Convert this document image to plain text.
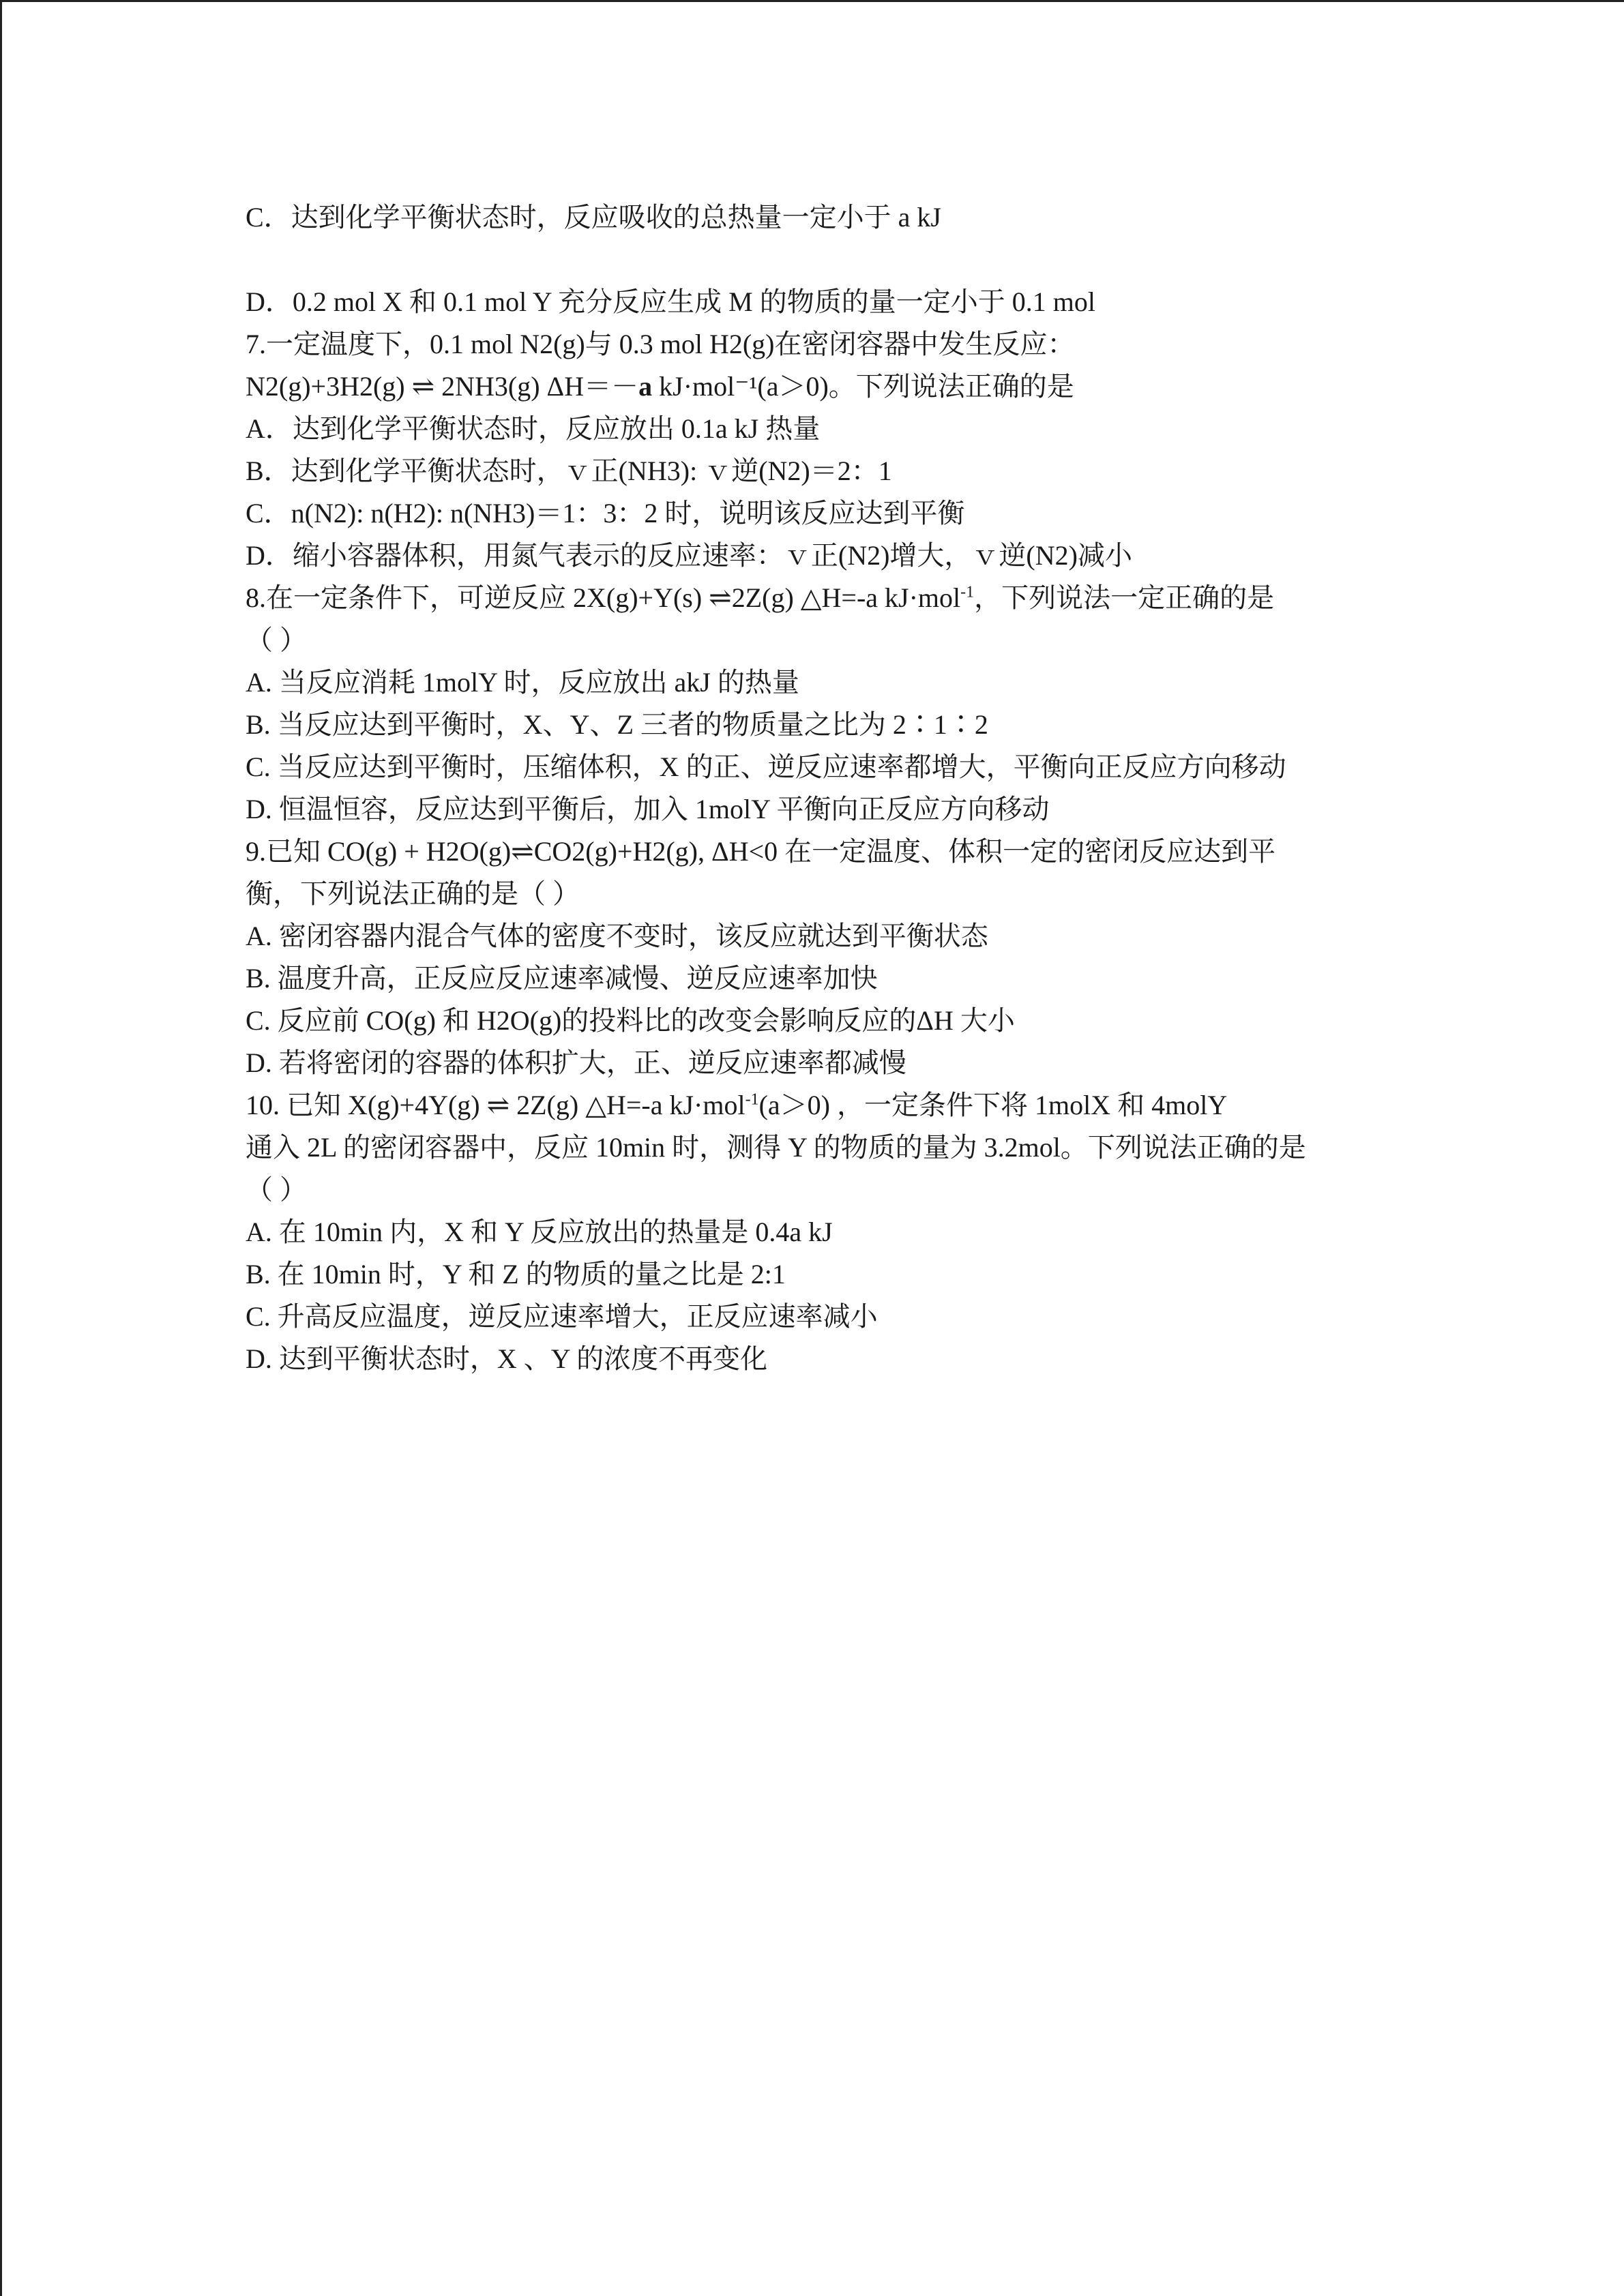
C．达到化学平衡状态时，反应吸收的总热量一定小于 a kJ
D．0.2 mol X 和 0.1 mol Y 充分反应生成 M 的物质的量一定小于 0.1 mol
7.一定温度下，0.1 mol N2(g)与 0.3 mol H2(g)在密闭容器中发生反应：
N2(g)+3H2(g) ⇌ 2NH3(g) ΔH＝－a kJ·mol⁻¹(a＞0)。下列说法正确的是
A．达到化学平衡状态时，反应放出 0.1a kJ 热量
B．达到化学平衡状态时，ｖ正(NH3): ｖ逆(N2)＝2：1
C．n(N2): n(H2): n(NH3)＝1：3：2 时，说明该反应达到平衡
D．缩小容器体积，用氮气表示的反应速率：ｖ正(N2)增大，ｖ逆(N2)减小
8.在一定条件下，可逆反应 2X(g)+Y(s) ⇌2Z(g) △H=-a kJ·mol$^{-1}$，下列说法一定正确的是
（ ）
A. 当反应消耗 1molY 时，反应放出 akJ 的热量
B. 当反应达到平衡时，X、Y、Z 三者的物质量之比为 2∶1∶2
C. 当反应达到平衡时，压缩体积，X 的正、逆反应速率都增大，平衡向正反应方向移动
D. 恒温恒容，反应达到平衡后，加入 1molY 平衡向正反应方向移动
9.已知 CO(g) + H2O(g)⇌CO2(g)+H2(g), ΔH<0 在一定温度、体积一定的密闭反应达到平
衡，下列说法正确的是（ ）
A. 密闭容器内混合气体的密度不变时，该反应就达到平衡状态
B. 温度升高，正反应反应速率减慢、逆反应速率加快
C. 反应前 CO(g) 和 H2O(g)的投料比的改变会影响反应的ΔH 大小
D. 若将密闭的容器的体积扩大，正、逆反应速率都减慢
10. 已知 X(g)+4Y(g) ⇌ 2Z(g) △H=-a kJ·mol$^{-1}$(a＞0) ，一定条件下将 1molX 和 4molY
通入 2L 的密闭容器中，反应 10min 时，测得 Y 的物质的量为 3.2mol。下列说法正确的是
（ ）
A. 在 10min 内，X 和 Y 反应放出的热量是 0.4a kJ
B. 在 10min 时，Y 和 Z 的物质的量之比是 2:1
C. 升高反应温度，逆反应速率增大，正反应速率减小
D. 达到平衡状态时，X 、Y 的浓度不再变化
